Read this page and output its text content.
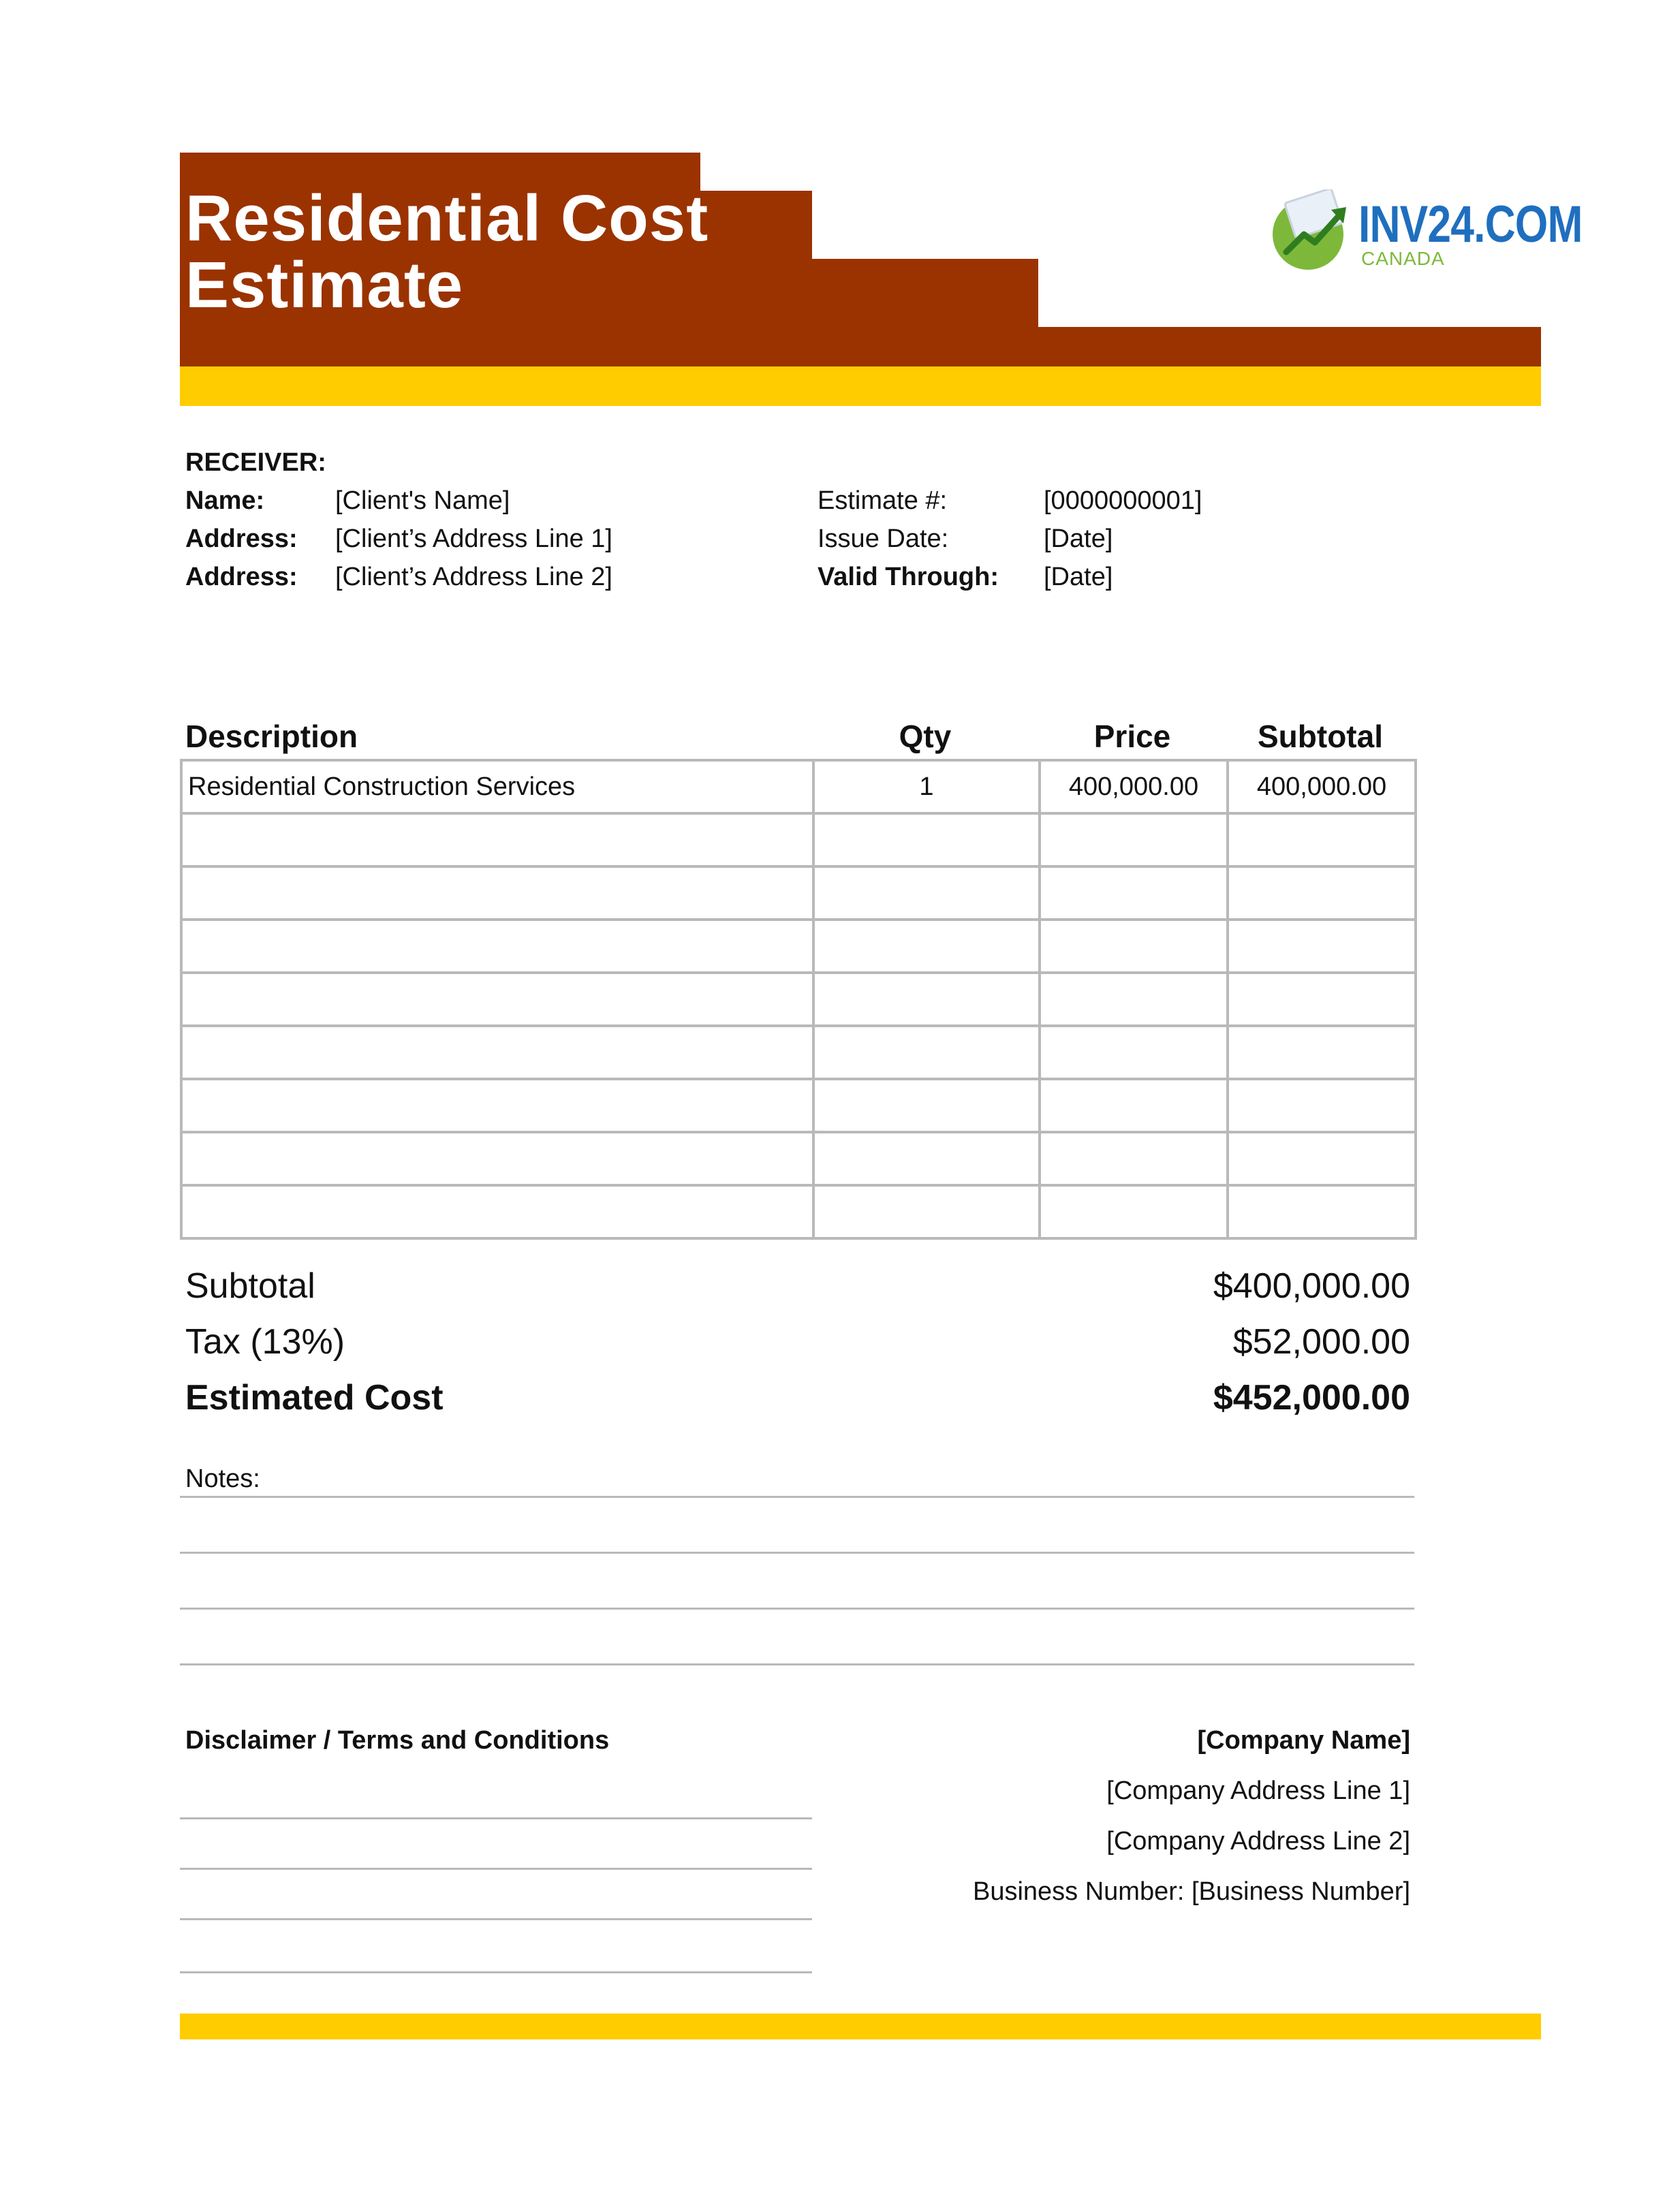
Residential Cost
Estimate
INV24.COM
CANADA
RECEIVER:
Name:	[Client's Name]
Address: [Client’s Address Line 1]
Address: [Client’s Address Line 2]
Estimate #:	[0000000001]
Issue Date:	[Date]
Valid Through: [Date]
Description	Qty	Price	Subtotal
Residential Construction Services	1	400,000.00	400,000.00

Subtotal	$400,000.00
Tax (13%)	$52,000.00
Estimated Cost	$452,000.00
Notes:
Disclaimer / Terms and Conditions	[Company Name]
[Company Address Line 1]
[Company Address Line 2]
Business Number: [Business Number]
